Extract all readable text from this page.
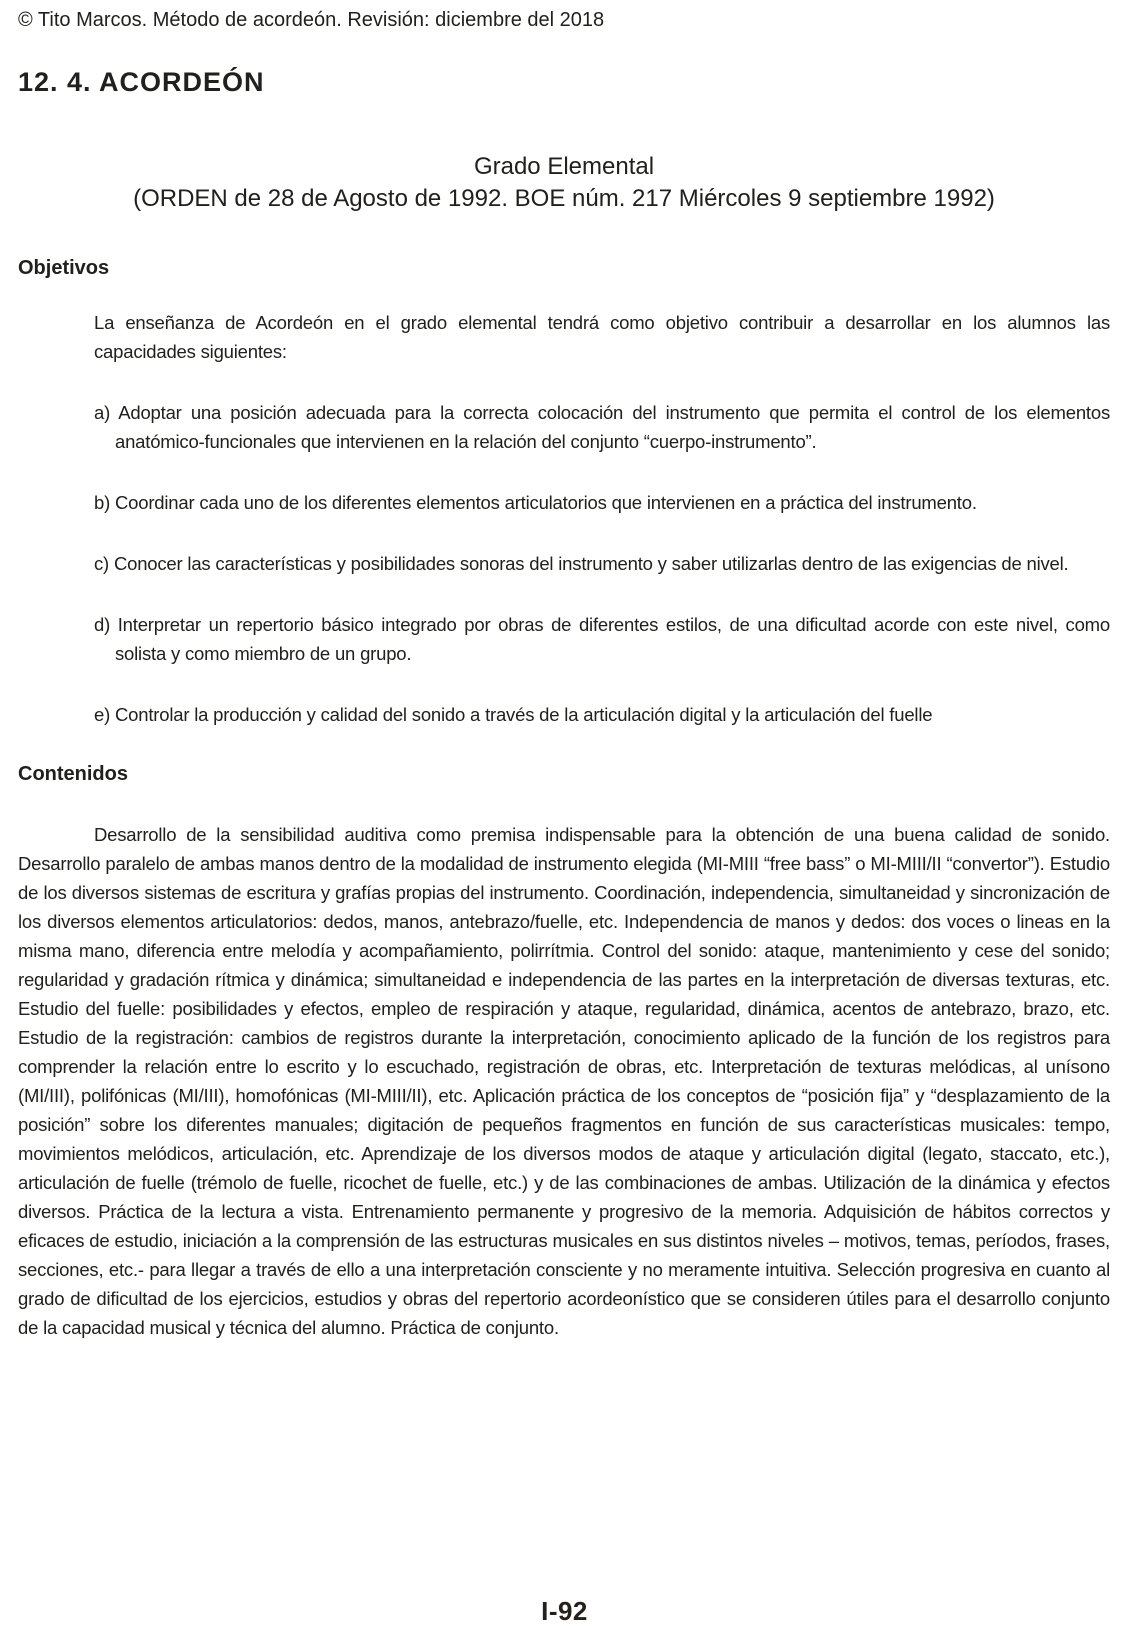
© Tito Marcos. Método de acordeón. Revisión: diciembre del 2018
12. 4. ACORDEÓN
Grado Elemental
(ORDEN de 28 de Agosto de 1992. BOE núm. 217 Miércoles 9 septiembre 1992)
Objetivos
La enseñanza de Acordeón en el grado elemental tendrá como objetivo contribuir a desarrollar en los alumnos las capacidades siguientes:
a) Adoptar una posición adecuada para la correcta colocación del instrumento que permita el control de los elementos anatómico-funcionales que intervienen en la relación del conjunto “cuerpo-instrumento”.
b) Coordinar cada uno de los diferentes elementos articulatorios que intervienen en a práctica del instrumento.
c) Conocer las características y posibilidades sonoras del instrumento y saber utilizarlas dentro de las exigencias de nivel.
d) Interpretar un repertorio básico integrado por obras de diferentes estilos, de una dificultad acorde con este nivel, como solista y como miembro de un grupo.
e) Controlar la producción y calidad del sonido a través de la articulación digital y la articulación del fuelle
Contenidos
Desarrollo de la sensibilidad auditiva como premisa indispensable para la obtención de una buena calidad de sonido. Desarrollo paralelo de ambas manos dentro de la modalidad de instrumento elegida (MI-MIII “free bass” o MI-MIII/II “convertor”). Estudio de los diversos sistemas de escritura y grafías propias del instrumento. Coordinación, independencia, simultaneidad y sincronización de los diversos elementos articulatorios: dedos, manos, antebrazo/fuelle, etc. Independencia de manos y dedos: dos voces o lineas en la misma mano, diferencia entre melodía y acompañamiento, polirrítmia. Control del sonido: ataque, mantenimiento y cese del sonido; regularidad y gradación rítmica y dinámica; simultaneidad e independencia de las partes en la interpretación de diversas texturas, etc. Estudio del fuelle: posibilidades y efectos, empleo de respiración y ataque, regularidad, dinámica, acentos de antebrazo, brazo, etc. Estudio de la registración: cambios de registros durante la interpretación, conocimiento aplicado de la función de los registros para comprender la relación entre lo escrito y lo escuchado, registración de obras, etc. Interpretación de texturas melódicas, al unísono (MI/III), polifónicas (MI/III), homofónicas (MI-MIII/II), etc. Aplicación práctica de los conceptos de “posición fija” y “desplazamiento de la posición” sobre los diferentes manuales; digitación de pequeños fragmentos en función de sus características musicales: tempo, movimientos melódicos, articulación, etc. Aprendizaje de los diversos modos de ataque y articulación digital (legato, staccato, etc.), articulación de fuelle (trémolo de fuelle, ricochet de fuelle, etc.) y de las combinaciones de ambas. Utilización de la dinámica y efectos diversos. Práctica de la lectura a vista. Entrenamiento permanente y progresivo de la memoria. Adquisición de hábitos correctos y eficaces de estudio, iniciación a la comprensión de las estructuras musicales en sus distintos niveles – motivos, temas, períodos, frases, secciones, etc.- para llegar a través de ello a una interpretación consciente y no meramente intuitiva. Selección progresiva en cuanto al grado de dificultad de los ejercicios, estudios y obras del repertorio acordeonístico que se consideren útiles para el desarrollo conjunto de la capacidad musical y técnica del alumno. Práctica de conjunto.
I-92
